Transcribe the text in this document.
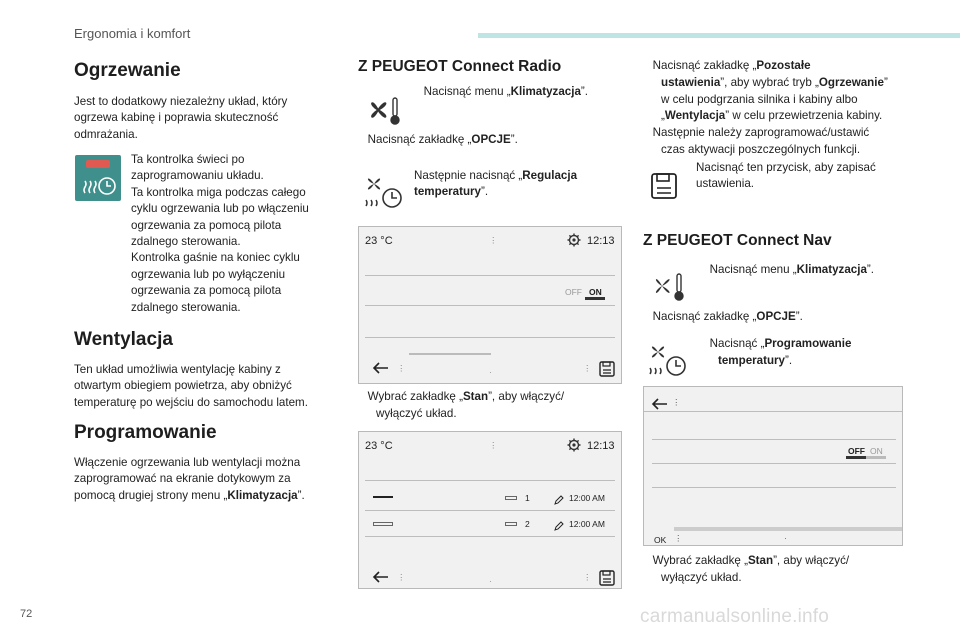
Ergonomia i komfort
72	carmanualsonline.info
Ogrzewanie
Jest to dodatkowy niezależny układ, który ogrzewa kabinę i poprawia skuteczność odmrażania.
Ta kontrolka świeci po
zaprogramowaniu układu.
Ta kontrolka miga podczas całego
cyklu ogrzewania lub po włączeniu
ogrzewania za pomocą pilota
zdalnego sterowania.
Kontrolka gaśnie na koniec cyklu
ogrzewania lub po wyłączeniu
ogrzewania za pomocą pilota
zdalnego sterowania.
Wentylacja
Ten układ umożliwia wentylację kabiny z
otwartym obiegiem powietrza, aby obniżyć
temperaturę po wejściu do samochodu latem.
Programowanie
Włączenie ogrzewania lub wentylacji można
zaprogramować na ekranie dotykowym za
pomocą drugiej strony menu „Klimatyzacja”.
Z PEUGEOT Connect Radio
Nacisnąć menu „Klimatyzacja”.
Nacisnąć zakładkę „OPCJE”.
Następnie nacisnąć „Regulacja
temperatury”.
23 °C	⋮	12:13
OFF ON
⋮	·	⋮
Wybrać zakładkę „Stan”, aby włączyć/
wyłączyć układ.
23 °C	⋮	12:13
1	12:00 AM
2	12:00 AM
⋮	·	⋮
Nacisnąć zakładkę „Pozostałe
ustawienia”, aby wybrać tryb „Ogrzewanie”
w celu podgrzania silnika i kabiny albo
„Wentylacja” w celu przewietrzenia kabiny.
Następnie należy zaprogramować/ustawić
czas aktywacji poszczególnych funkcji.
Nacisnąć ten przycisk, aby zapisać
ustawienia.
Z PEUGEOT Connect Nav
Nacisnąć menu „Klimatyzacja”.
Nacisnąć zakładkę „OPCJE”.
Nacisnąć „Programowanie
temperatury”.
⋮
OFF ON
OK ⋮	·
Wybrać zakładkę „Stan”, aby włączyć/
wyłączyć układ.
